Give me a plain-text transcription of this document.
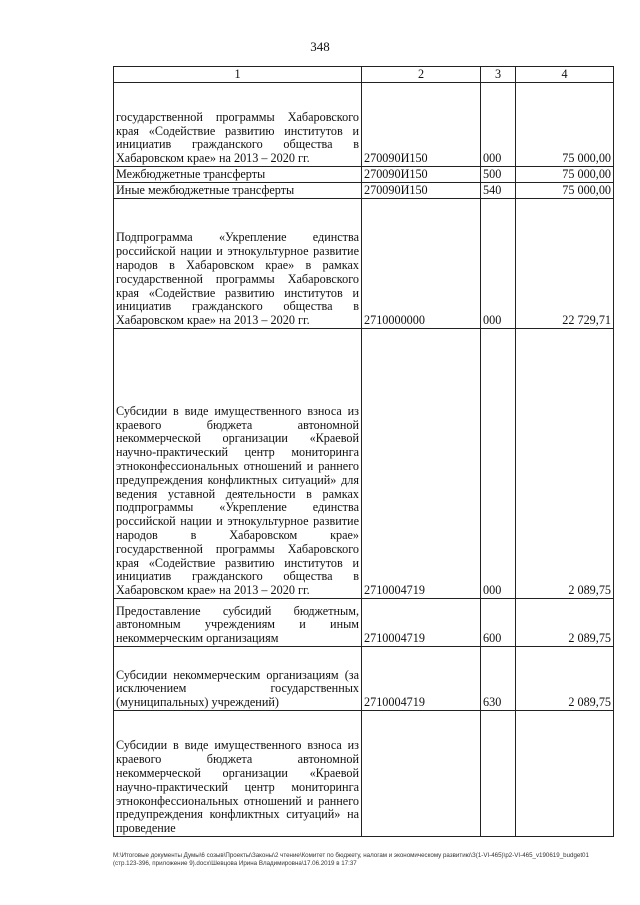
348
1	2	3	4
государственной программы Хабаровского края «Содействие развитию институтов и инициатив гражданского общества в Хабаровском крае» на 2013 – 2020 гг.	270090И150	000	75 000,00
Межбюджетные трансферты	270090И150	500	75 000,00
Иные межбюджетные трансферты	270090И150	540	75 000,00
Подпрограмма «Укрепление единства российской нации и этнокультурное развитие народов в Хабаровском крае» в рамках государственной программы Хабаровского края «Содействие развитию институтов и инициатив гражданского общества в Хабаровском крае» на 2013 – 2020 гг.	2710000000	000	22 729,71
Субсидии в виде имущественного взноса из краевого бюджета автономной некоммерческой организации «Краевой научно-практический центр мониторинга этноконфессиональных отношений и раннего предупреждения конфликтных ситуаций» для ведения уставной деятельности в рамках подпрограммы «Укрепление единства российской нации и этнокультурное развитие народов в Хабаровском крае» государственной программы Хабаровского края «Содействие развитию институтов и инициатив гражданского общества в Хабаровском крае» на 2013 – 2020 гг.	2710004719	000	2 089,75
Предоставление субсидий бюджетным, автономным учреждениям и иным некоммерческим организациям	2710004719	600	2 089,75
Субсидии некоммерческим организациям (за исключением государственных (муниципальных) учреждений)	2710004719	630	2 089,75
Субсидии в виде имущественного взноса из краевого бюджета автономной некоммерческой организации «Краевой научно-практический центр мониторинга этноконфессиональных отношений и раннего предупреждения конфликтных ситуаций» на проведение			
М:\Итоговые документы Думы\6 созыв\Проекты\Законы\2 чтение\Комитет по бюджету, налогам и экономическому развитию\З(1-VI-465)\р2-VI-465_v190619_budget01 (стр.123-396, приложение 9).docx\Шевцова Ирина Владимировна\17.06.2019 в 17:37
